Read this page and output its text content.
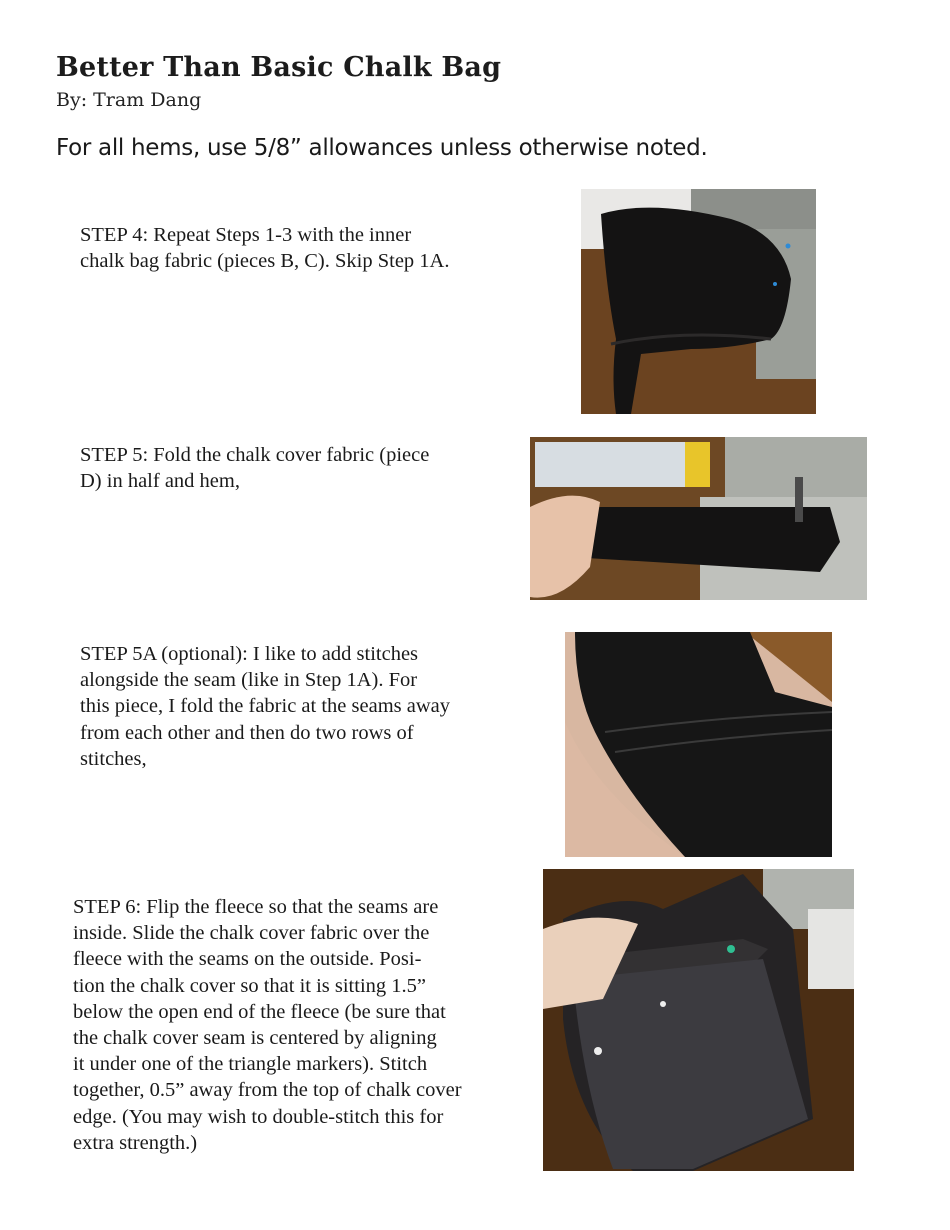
Better Than Basic Chalk Bag
By: Tram Dang
For all hems, use 5/8” allowances unless otherwise noted.
STEP 4: Repeat Steps 1-3 with the inner
chalk bag fabric (pieces B, C). Skip Step 1A.
STEP 5: Fold the chalk cover fabric (piece
D) in half and hem,
STEP 5A (optional): I like to add stitches
alongside the seam (like in Step 1A). For
this piece, I fold the fabric at the seams away
from each other and then do two rows of
stitches,
STEP 6: Flip the fleece so that the seams are
inside. Slide the chalk cover fabric over the
fleece with the seams on the outside. Posi-
tion the chalk cover so that it is sitting 1.5”
below the open end of the fleece (be sure that
the chalk cover seam is centered by aligning
it under one of the triangle markers). Stitch
together, 0.5” away from the top of chalk cover
edge. (You may wish to double-stitch this for
extra strength.)
